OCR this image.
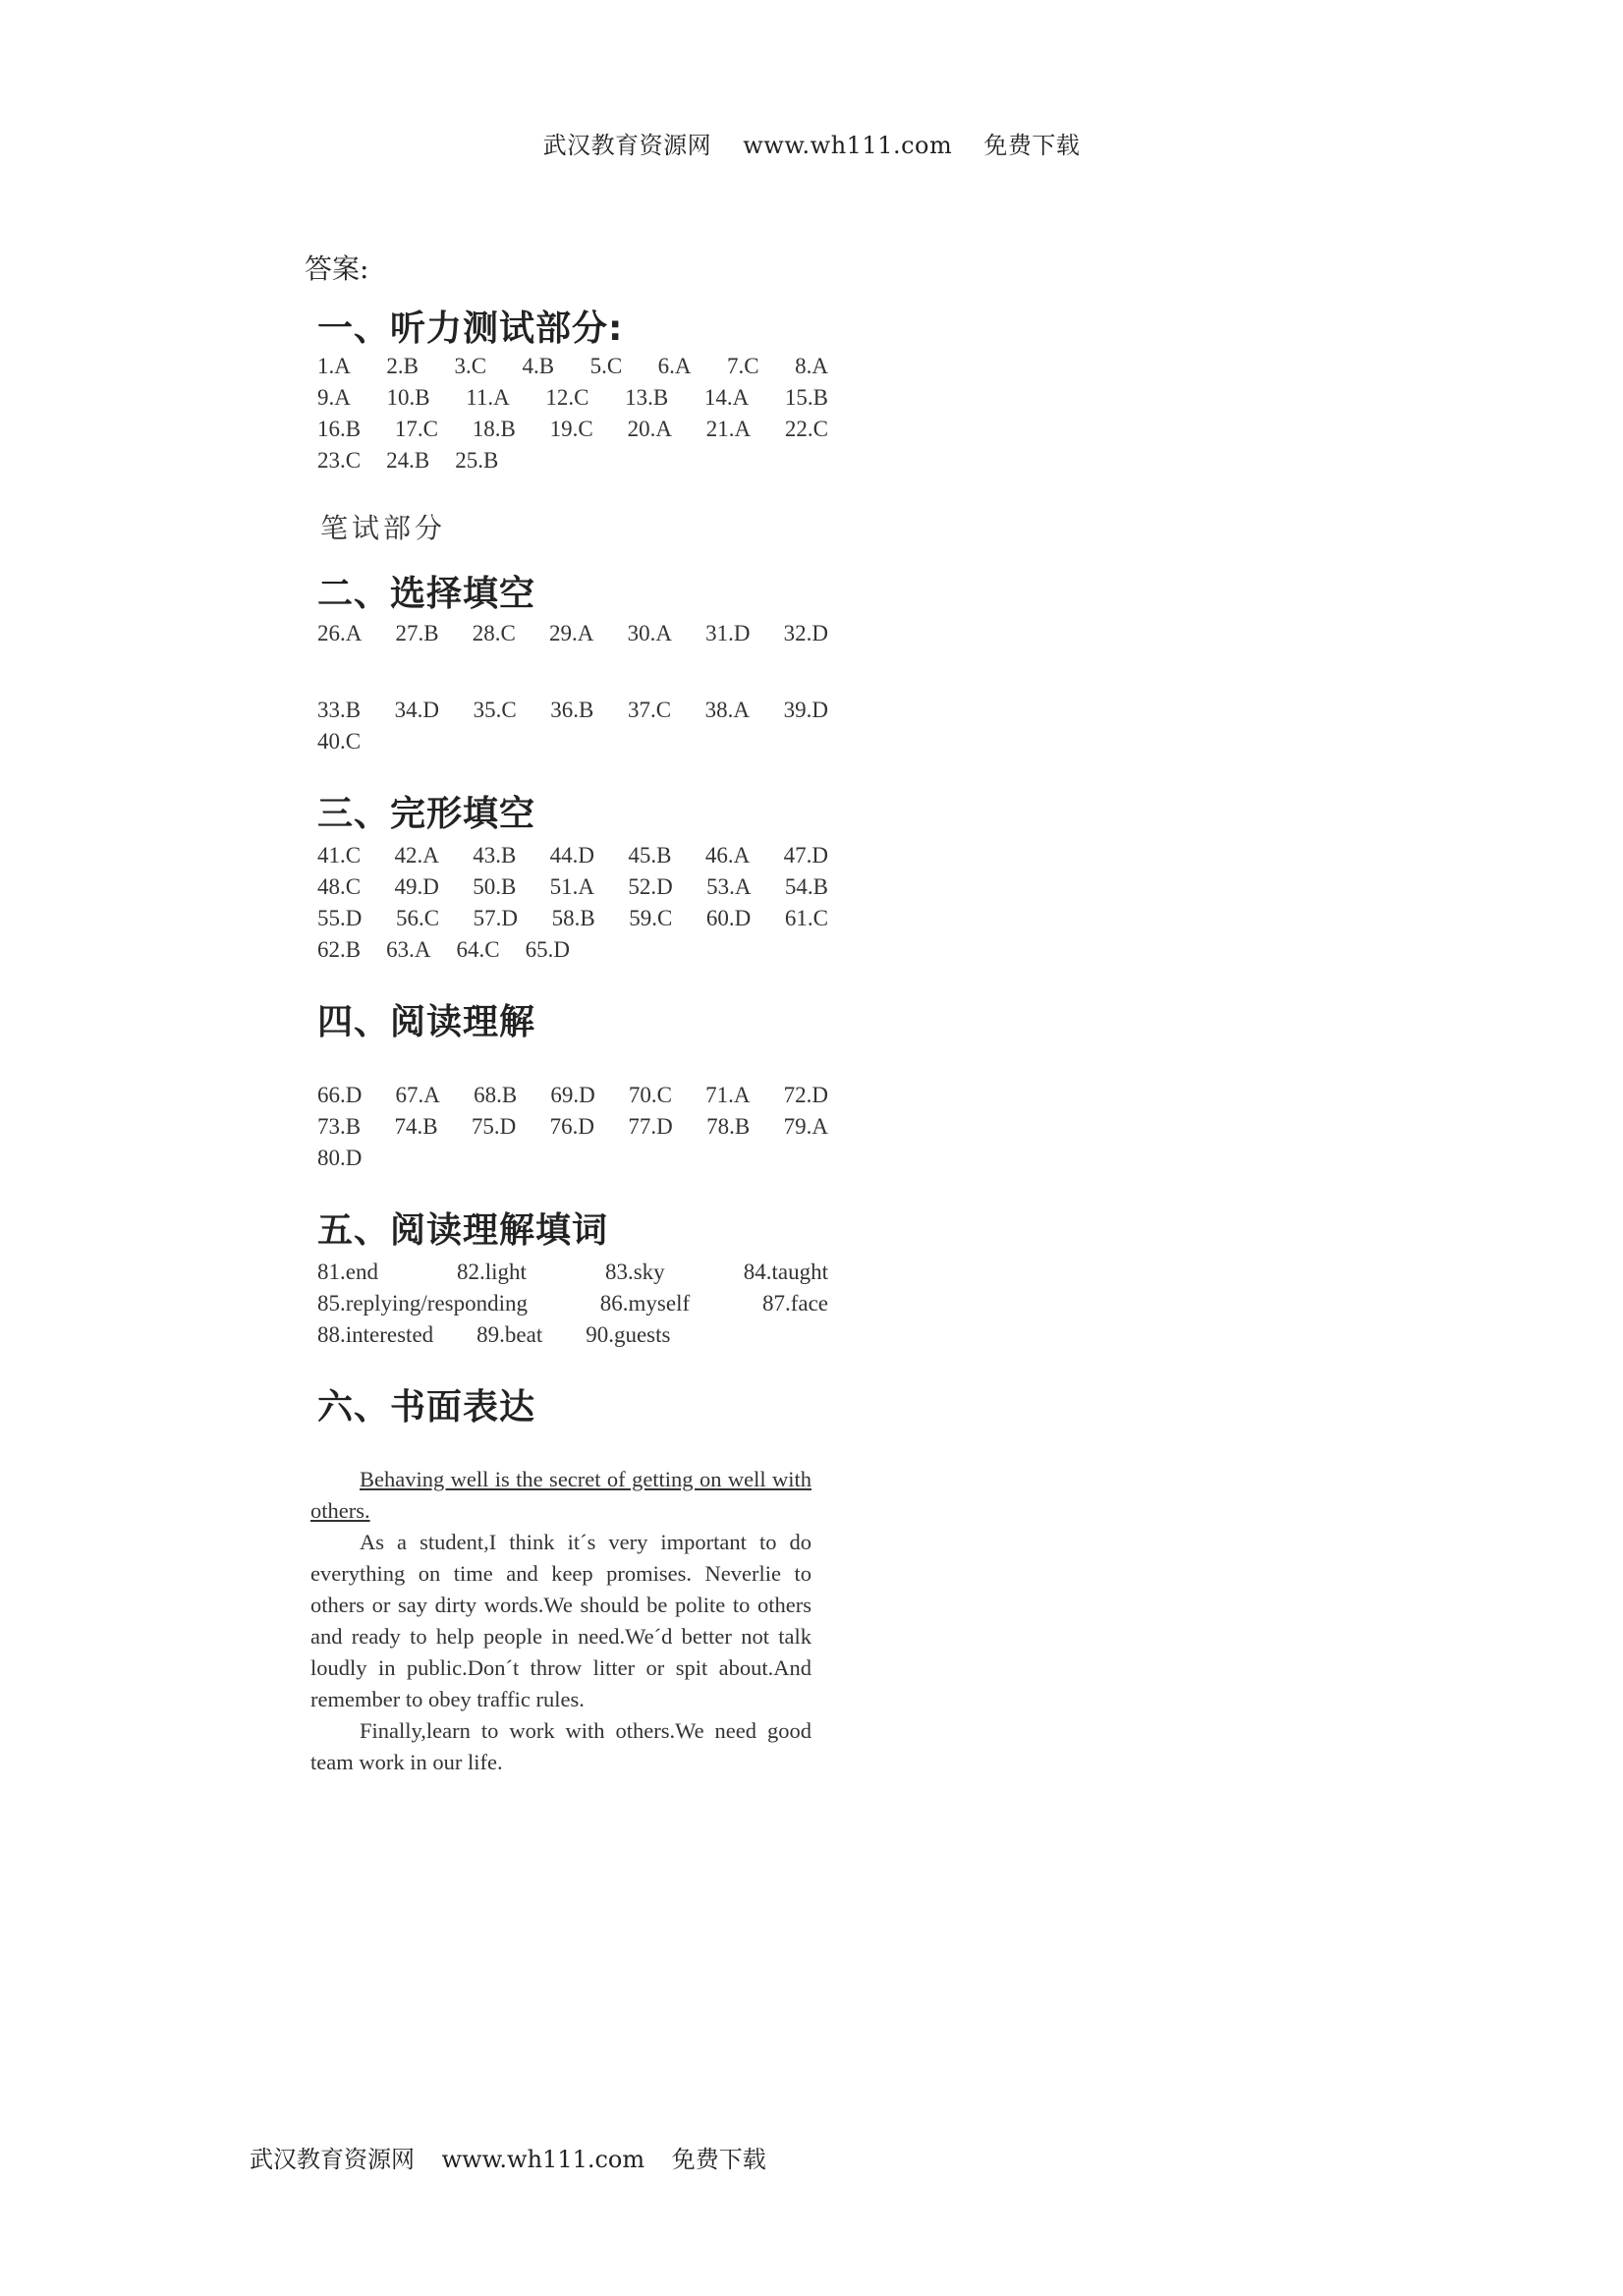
武汉教育资源网 www.wh111.com 免费下载
答案:
一、听力测试部分:
1.A 2.B 3.C 4.B 5.C 6.A 7.C 8.A
9.A 10.B 11.A 12.C 13.B 14.A 15.B
16.B 17.C 18.B 19.C 20.A 21.A 22.C
23.C 24.B 25.B
笔试部分
二、选择填空
26.A 27.B 28.C 29.A 30.A 31.D 32.D
33.B 34.D 35.C 36.B 37.C 38.A 39.D
40.C
三、完形填空
41.C 42.A 43.B 44.D 45.B 46.A 47.D
48.C 49.D 50.B 51.A 52.D 53.A 54.B
55.D 56.C 57.D 58.B 59.C 60.D 61.C
62.B 63.A 64.C 65.D
四、阅读理解
66.D 67.A 68.B 69.D 70.C 71.A 72.D
73.B 74.B 75.D 76.D 77.D 78.B 79.A
80.D
五、阅读理解填词
81.end	82.light	83.sky	84.taught
85.replying/responding	86.myself	87.face
88.interested 89.beat 90.guests
六、书面表达

Behaving well is the secret of getting on well with others.

As a student,I think it´s very important to do everything on time and keep promises. Neverlie to others or say dirty words.We should be polite to others and ready to help people in need.We´d better not talk loudly in public.Don´t throw litter or spit about.And remember to obey traffic rules.

Finally,learn to work with others.We need good team work in our life.

武汉教育资源网 www.wh111.com 免费下载
